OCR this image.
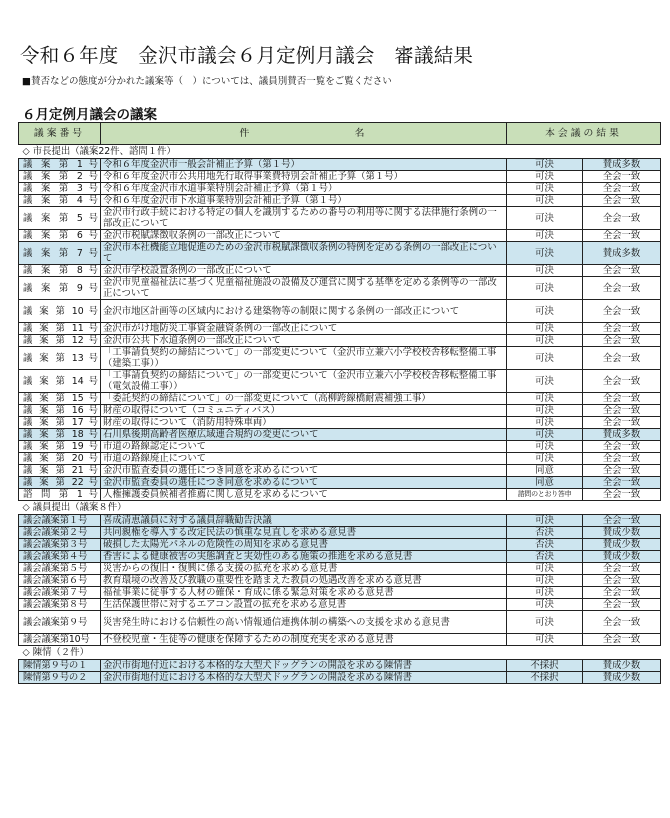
令和６年度　金沢市議会６月定例月議会　審議結果
■賛否などの態度が分かれた議案等（　）については、議員別賛否一覧をご覧ください
６月定例月議会の議案
議案番号	件　　　　　　　　名	本会議の結果	
◇ 市長提出（議案22件、諮問１件）			
議 案 第 1 号	令和６年度金沢市一般会計補正予算（第１号）	可決	賛成多数
議 案 第 2 号	令和６年度金沢市公共用地先行取得事業費特別会計補正予算（第１号）	可決	全会一致
議 案 第 3 号	令和６年度金沢市水道事業特別会計補正予算（第１号）	可決	全会一致
議 案 第 4 号	令和６年度金沢市下水道事業特別会計補正予算（第１号）	可決	全会一致
議 案 第 5 号	金沢市行政手続における特定の個人を識別するための番号の利用等に関する法律施行条例の一部改正について	可決	全会一致
議 案 第 6 号	金沢市税賦課徴収条例の一部改正について	可決	全会一致
議 案 第 7 号	金沢市本社機能立地促進のための金沢市税賦課徴収条例の特例を定める条例の一部改正について	可決	賛成多数
議 案 第 8 号	金沢市学校設置条例の一部改正について	可決	全会一致
議 案 第 9 号	金沢市児童福祉法に基づく児童福祉施設の設備及び運営に関する基準を定める条例等の一部改正について	可決	全会一致
議 案 第 10 号	金沢市地区計画等の区域内における建築物等の制限に関する条例の一部改正について	可決	全会一致
議 案 第 11 号	金沢市がけ地防災工事資金融資条例の一部改正について	可決	全会一致
議 案 第 12 号	金沢市公共下水道条例の一部改正について	可決	全会一致
議 案 第 13 号	「工事請負契約の締結について」の一部変更について（金沢市立兼六小学校校舎移転整備工事（建築工事））	可決	全会一致
議 案 第 14 号	「工事請負契約の締結について」の一部変更について（金沢市立兼六小学校校舎移転整備工事（電気設備工事））	可決	全会一致
議 案 第 15 号	「委託契約の締結について」の一部変更について（高柳跨線橋耐震補強工事）	可決	全会一致
議 案 第 16 号	財産の取得について（コミュニティバス）	可決	全会一致
議 案 第 17 号	財産の取得について（消防用特殊車両）	可決	全会一致
議 案 第 18 号	石川県後期高齢者医療広域連合規約の変更について	可決	賛成多数
議 案 第 19 号	市道の路線認定について	可決	全会一致
議 案 第 20 号	市道の路線廃止について	可決	全会一致
議 案 第 21 号	金沢市監査委員の選任につき同意を求めるについて	同意	全会一致
議 案 第 22 号	金沢市監査委員の選任につき同意を求めるについて	同意	全会一致
諮 問 第 1 号	人権擁護委員候補者推薦に関し意見を求めるについて	諮問のとおり答申	全会一致
◇ 議員提出（議案８件）			
議会議案第１号	喜成清恵議員に対する議員辞職勧告決議	可決	全会一致
議会議案第２号	共同親権を導入する改定民法の慎重な見直しを求める意見書	否決	賛成少数
議会議案第３号	破損した太陽光パネルの危険性の周知を求める意見書	否決	賛成少数
議会議案第４号	香害による健康被害の実態調査と実効性のある施策の推進を求める意見書	否決	賛成少数
議会議案第５号	災害からの復旧・復興に係る支援の拡充を求める意見書	可決	全会一致
議会議案第６号	教育環境の改善及び教職の重要性を踏まえた教員の処遇改善を求める意見書	可決	全会一致
議会議案第７号	福祉事業に従事する人材の確保・育成に係る緊急対策を求める意見書	可決	全会一致
議会議案第８号	生活保護世帯に対するエアコン設置の拡充を求める意見書	可決	全会一致
議会議案第９号	災害発生時における信頼性の高い情報通信連携体制の構築への支援を求める意見書	可決	全会一致
議会議案第10号	不登校児童・生徒等の健康を保障するための制度充実を求める意見書	可決	全会一致
◇ 陳情（２件）			
陳情第９号の１	金沢市街地付近における本格的な大型犬ドッグランの開設を求める陳情書	不採択	賛成少数
陳情第９号の２	金沢市街地付近における本格的な大型犬ドッグランの開設を求める陳情書	不採択	賛成少数
